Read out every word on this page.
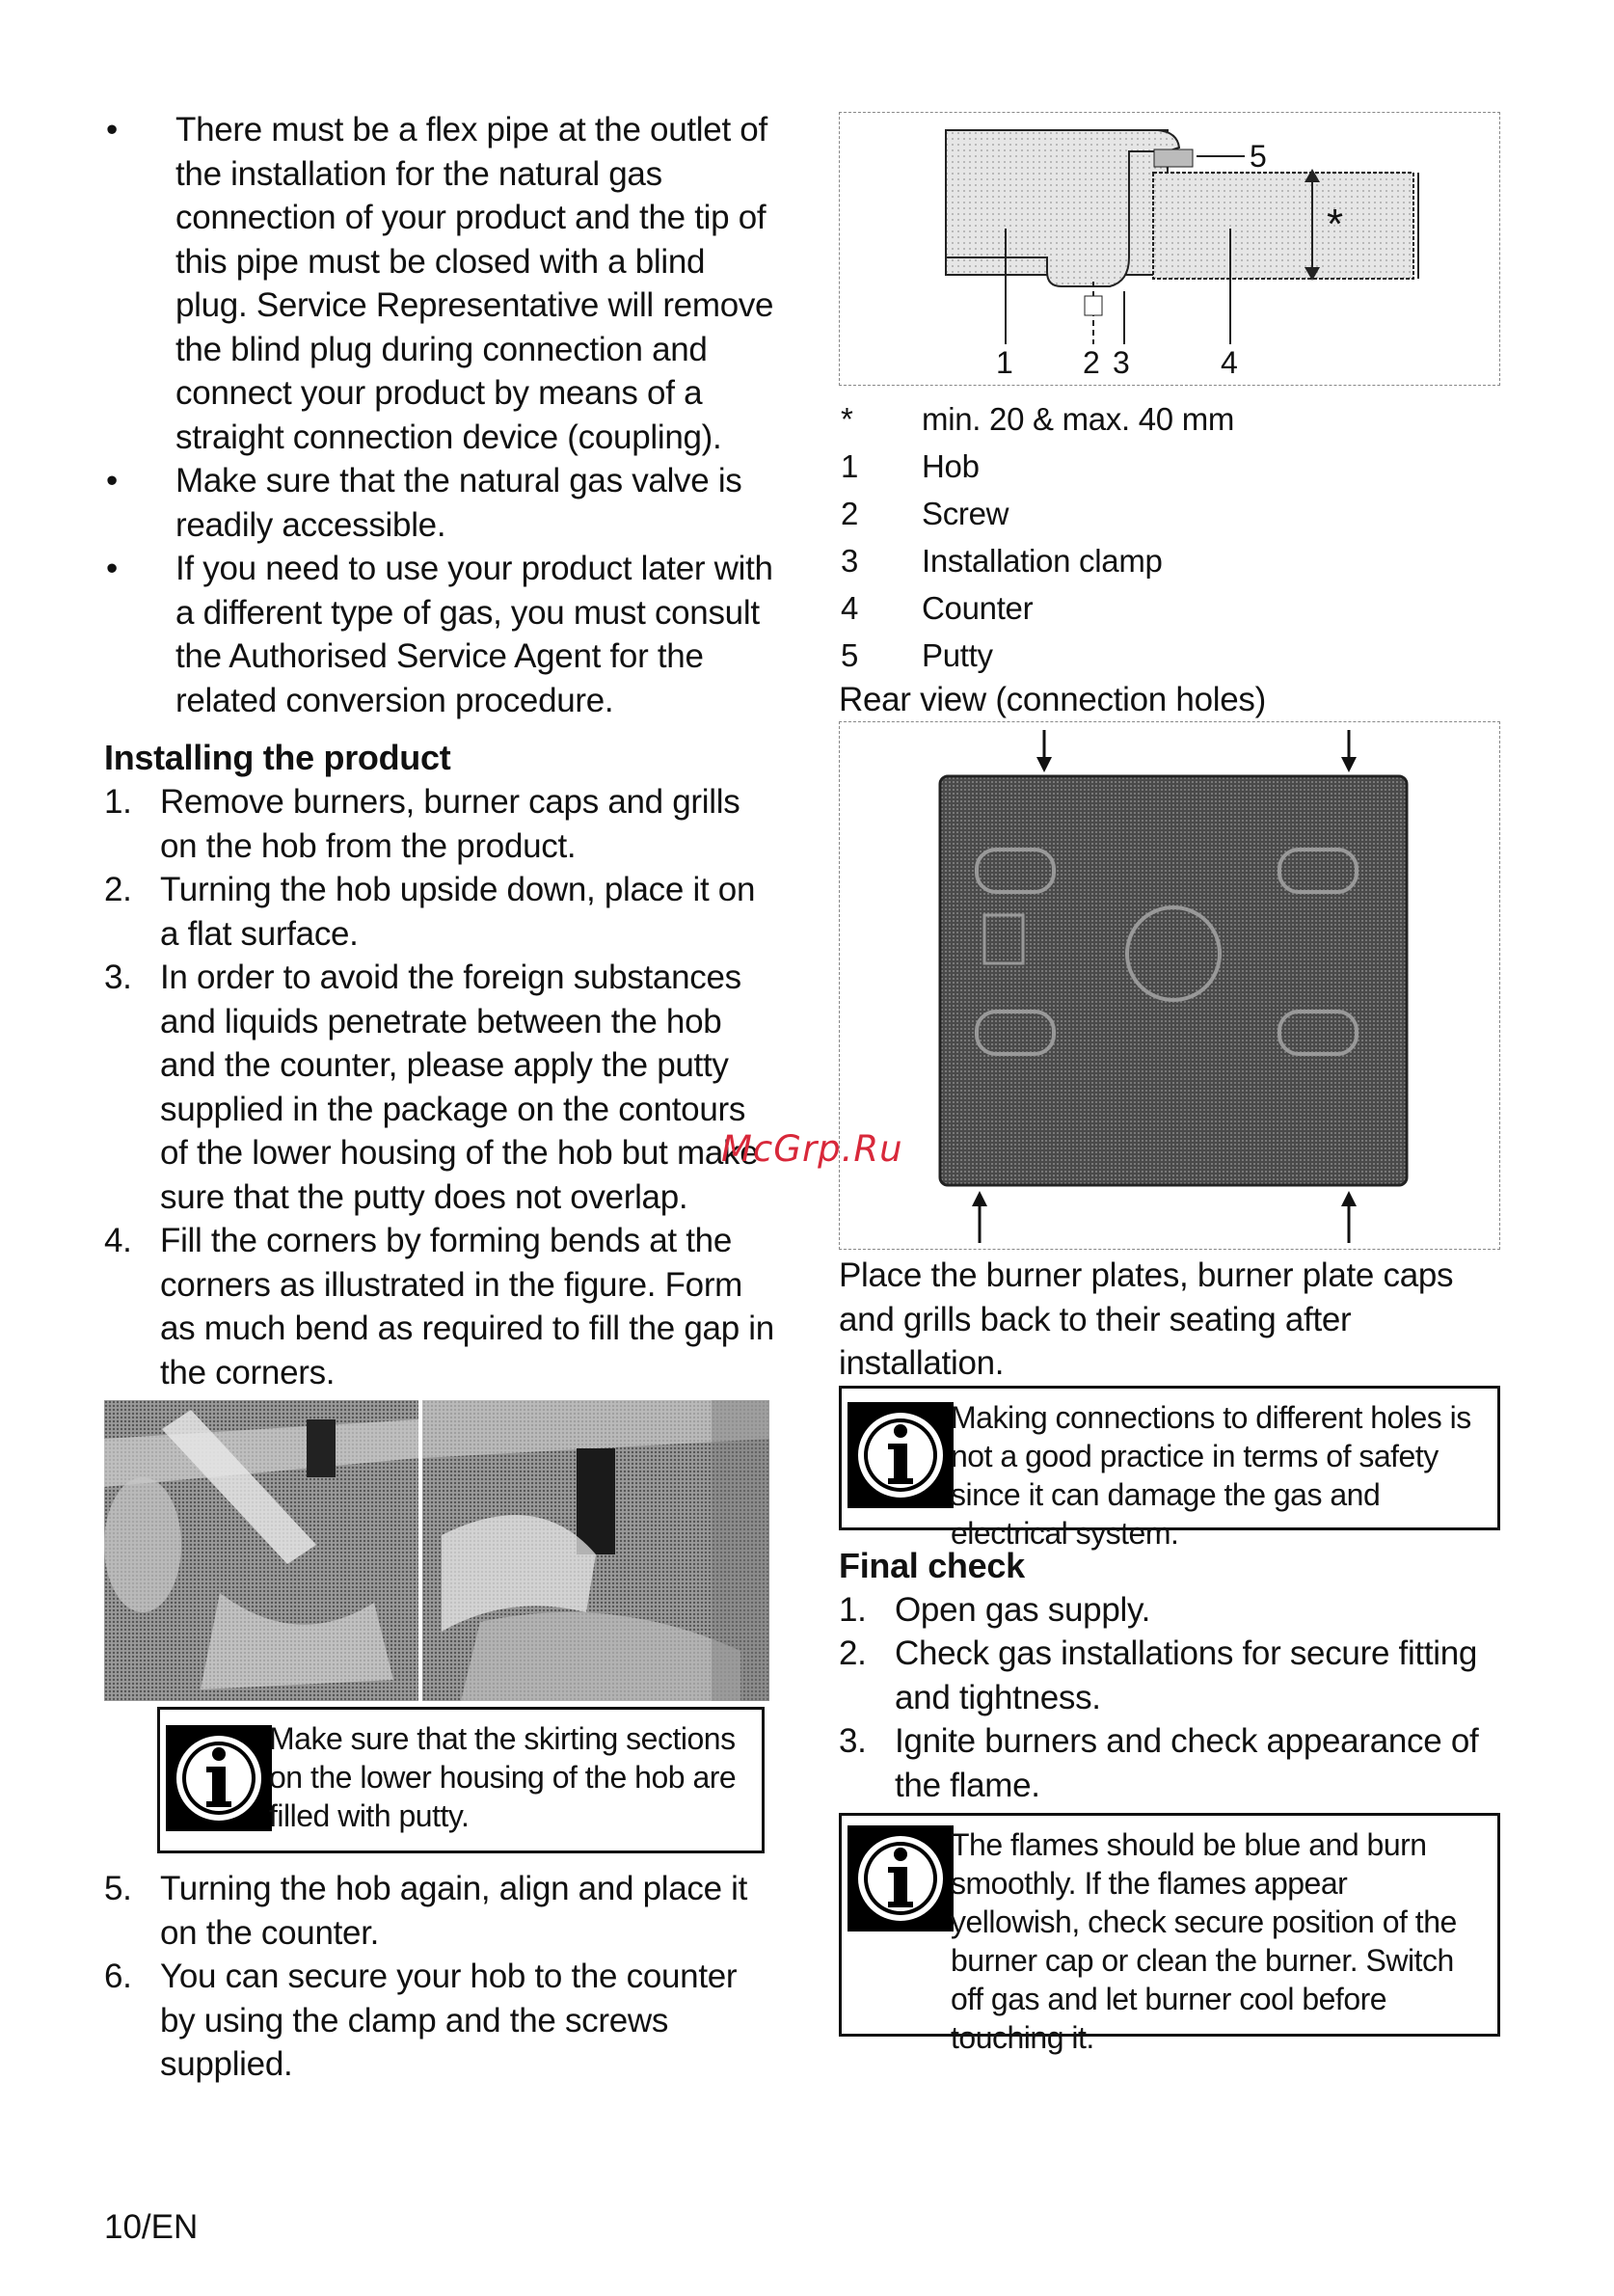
• There must be a flex pipe at the outlet of the installation for the natural gas connection of your product and the tip of this pipe must be closed with a blind plug. Service Representative will remove the blind plug during connection and connect your product by means of a straight connection device (coupling).
• Make sure that the natural gas valve is readily accessible.
• If you need to use your product later with a different type of gas, you must consult the Authorised Service Agent for the related conversion procedure.
Installing the product
1. Remove burners, burner caps and grills on the hob from the product.
2. Turning the hob upside down, place it on a flat surface.
3. In order to avoid the foreign substances and liquids penetrate between the hob and the counter, please apply the putty supplied in the package on the contours of the lower housing of the hob but make sure that the putty does not overlap.
4. Fill the corners by forming bends at the corners as illustrated in the figure. Form as much bend as required to fill the gap in the corners.
Make sure that the skirting sections on the lower housing of the hob are filled with putty.
5. Turning the hob again, align and place it on the counter.
6. You can secure your hob to the counter by using the clamp and the screws supplied.
1 2 3	4
5
*
* min. 20 & max. 40 mm
1 Hob
2 Screw
3 Installation clamp
4 Counter
5 Putty
Rear view (connection holes)
Place the burner plates, burner plate caps and grills back to their seating after installation.
Making connections to different holes is not a good practice in terms of safety since it can damage the gas and electrical system.
Final check
1. Open gas supply.
2. Check gas installations for secure fitting and tightness.
3. Ignite burners and check appearance of the flame.
The flames should be blue and burn smoothly. If the flames appear yellowish, check secure position of the burner cap or clean the burner. Switch off gas and let burner cool before touching it.
McGrp.Ru
10/EN
